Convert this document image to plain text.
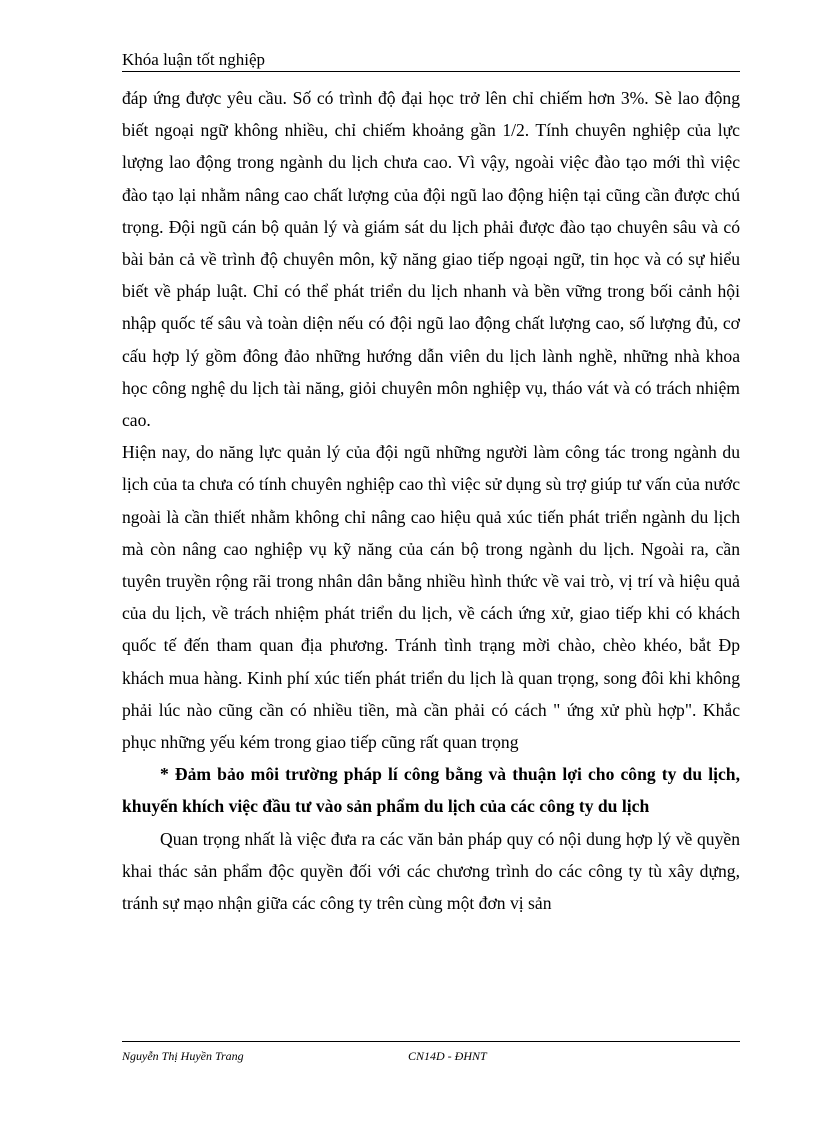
Khóa luận tốt nghiệp

đáp ứng được yêu cầu. Số có trình độ đại học trở lên chỉ chiếm hơn 3%. Sè lao động biết ngoại ngữ không nhiều, chỉ chiếm khoảng gần 1/2. Tính chuyên nghiệp của lực lượng lao động trong ngành du lịch chưa cao. Vì vậy, ngoài việc đào tạo mới thì việc đào tạo lại nhằm nâng cao chất lượng của đội ngũ lao động hiện tại cũng cần được chú trọng. Đội ngũ cán bộ quản lý và giám sát du lịch phải được đào tạo chuyên sâu và có bài bản cả về trình độ chuyên môn, kỹ năng giao tiếp ngoại ngữ, tin học và có sự hiểu biết về pháp luật. Chỉ có thể phát triển du lịch nhanh và bền vững trong bối cảnh hội nhập quốc tế sâu và toàn diện nếu có đội ngũ lao động chất lượng cao, số lượng đủ, cơ cấu hợp lý gồm đông đảo những hướng dẫn viên du lịch lành nghề, những nhà khoa học công nghệ du lịch tài năng, giỏi chuyên môn nghiệp vụ, tháo vát và có trách nhiệm cao.

Hiện nay, do năng lực quản lý của đội ngũ những người làm công tác trong ngành du lịch của ta chưa có tính chuyên nghiệp cao thì việc sử dụng sù trợ giúp tư vấn của nước ngoài là cần thiết nhằm không chỉ nâng cao hiệu quả xúc tiến phát triển ngành du lịch mà còn nâng cao nghiệp vụ kỹ năng của cán bộ trong ngành du lịch. Ngoài ra, cần tuyên truyền rộng rãi trong nhân dân bằng nhiều hình thức về vai trò, vị trí và hiệu quả của du lịch, về trách nhiệm phát triển du lịch, về cách ứng xử, giao tiếp khi có khách quốc tế đến tham quan địa phương. Tránh tình trạng mời chào, chèo khéo, bắt Đp khách mua hàng. Kinh phí xúc tiến phát triển du lịch là quan trọng, song đôi khi không phải lúc nào cũng cần có nhiều tiền, mà cần phải có cách " ứng xử phù hợp". Khắc phục những yếu kém trong giao tiếp cũng rất quan trọng

* Đảm bảo môi trường pháp lí công bằng và thuận lợi cho công ty du lịch, khuyến khích việc đầu tư vào sản phẩm du lịch của các công ty du lịch

Quan trọng nhất là việc đưa ra các văn bản pháp quy có nội dung hợp lý về quyền khai thác sản phẩm độc quyền đối với các chương trình do các công ty tù xây dựng, tránh sự mạo nhận giữa các công ty trên cùng một đơn vị sản

Nguyễn Thị Huyền Trang	CN14D - ĐHNT
